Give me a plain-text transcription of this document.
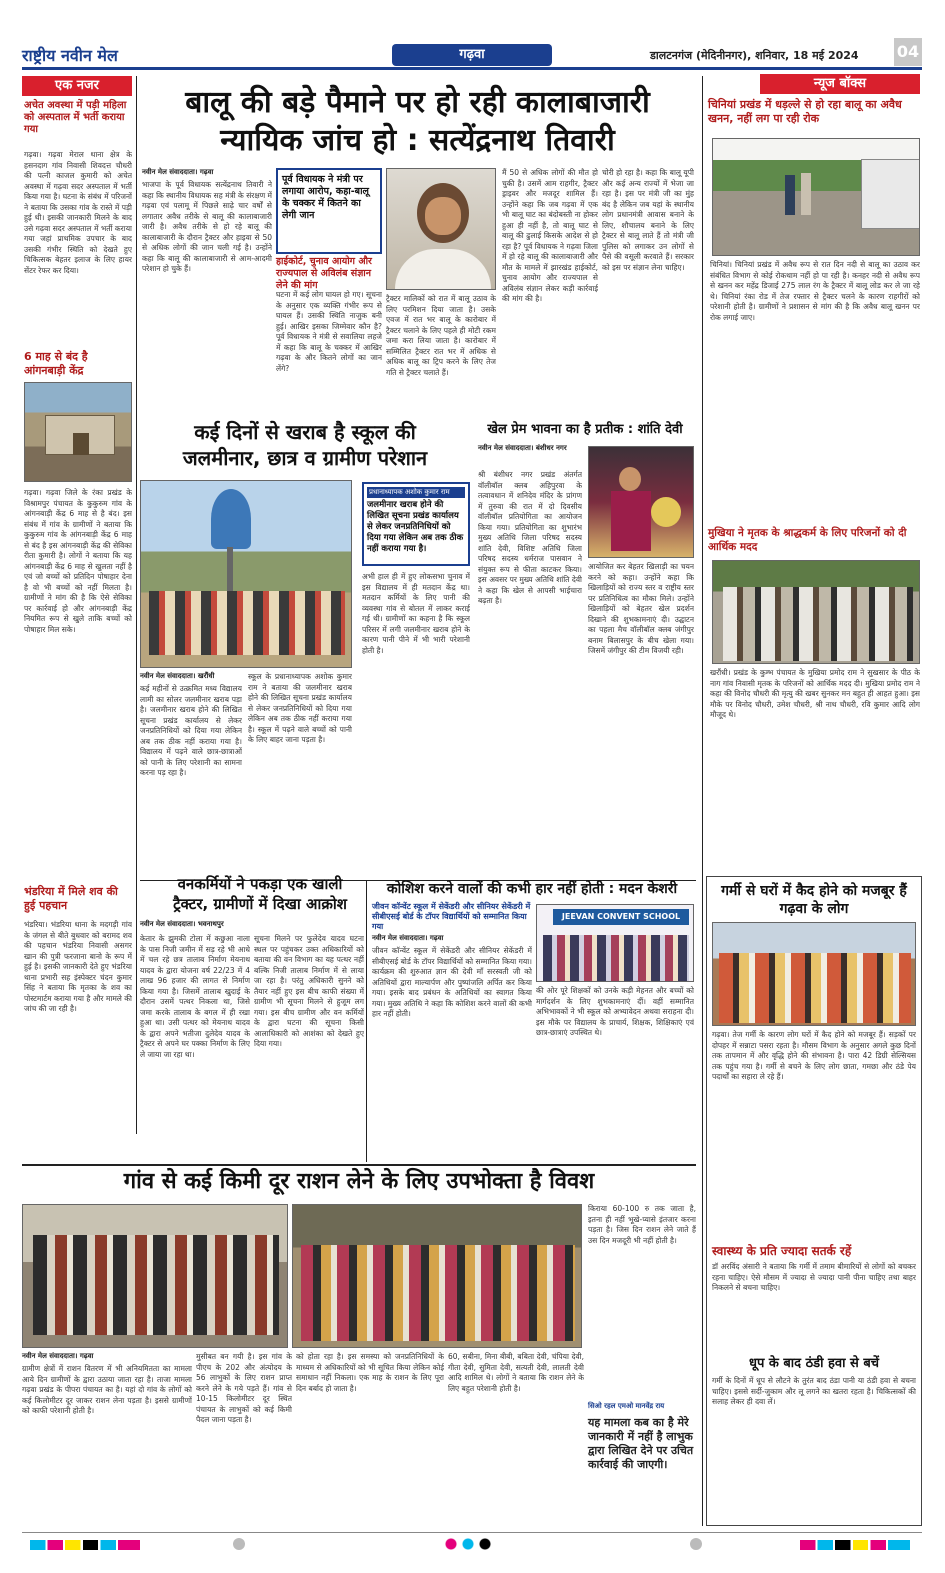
राष्ट्रीय नवीन मेल	गढ़वा	डालटनगंज (मेदिनीनगर), शनिवार, 18 मई 2024 04
एक नजर
अचेत अवस्था में पड़ी महिला को अस्पताल में भर्ती कराया गया
गढ़वा। गढ़वा मेराल थाना क्षेत्र के हसनदाग गांव निवासी शिवदत्त चौधरी की पत्नी काजल कुमारी को अचेत अवस्था में गढ़वा सदर अस्पताल में भर्ती किया गया है। घटना के संबंध में परिजनों ने बताया कि उसका गांव के रास्ते में पड़ी हुई थी। इसकी जानकारी मिलने के बाद उसे गढ़वा सदर अस्पताल में भर्ती कराया गया जहां प्राथमिक उपचार के बाद उसकी गंभीर स्थिति को देखते हुए चिकित्सक बेहतर इलाज के लिए हायर सेंटर रेफर कर दिया।
6 माह से बंद है आंगनबाड़ी केंद्र
गढ़वा। गढ़वा जिले के रंका प्रखंड के विश्रामपुर पंचायत के कुकुरुम गांव के आंगनबाड़ी केंद्र 6 माह से है बंद। इस संबंध में गांव के ग्रामीणों ने बताया कि कुकुरुम गांव के आंगनबाड़ी केंद्र 6 माह से बंद है इस आंगनबाड़ी केंद्र की सेविका रीता कुमारी है। लोगों ने बताया कि यह आंगनबाड़ी केंद्र 6 माह से खुलता नहीं है एवं जो बच्चों को प्रतिदिन पोषाहार देना है वो भी बच्चों को नहीं मिलता है। ग्रामीणों ने मांग की है कि ऐसे सेविका पर कार्रवाई हो और आंगनबाड़ी केंद्र नियमित रूप से खुले ताकि बच्चों को पोषाहार मिल सके।
भंडरिया में मिले शव की हुई पहचान
भंडरिया। भंडरिया थाना के मदगड़ी गांव के जंगल से बीते बुधवार को बरामद शव की पहचान भंडरिया निवासी असगर खान की पुत्री फरजाना बानो के रूप में हुई है। इसकी जानकारी देते हुए भंडरिया थाना प्रभारी सह इंस्पेक्टर चंदन कुमार सिंह ने बताया कि मृतका के शव का पोस्टमार्टम कराया गया है और मामले की जांच की जा रही है।
बालू की बड़े पैमाने पर हो रही कालाबाजारी
न्यायिक जांच हो : सत्येंद्रनाथ तिवारी
नवीन मेल संवाददाता। गढ़वा
भाजपा के पूर्व विधायक सत्येंद्रनाथ तिवारी ने कहा कि स्थानीय विधायक सह मंत्री के संरक्षण में गढ़वा एवं पलामू में पिछले साढ़े चार वर्षों से लगातार अवैध तरीके से बालू की कालाबाजारी जारी है। अवैध तरीके से हो रहे बालू की कालाबाजारी के दौरान ट्रैक्टर और हाइवा से 50 से अधिक लोगों की जान चली गई है। उन्होंने कहा कि बालू की कालाबाजारी से आम-आदमी परेशान हो चुके हैं।
पूर्व विधायक ने मंत्री पर लगाया आरोप, कहा-बालू के चक्कर में कितने का लेगी जान
हाईकोर्ट, चुनाव आयोग और राज्यपाल से अविलंब संज्ञान लेने की मांग
घटना में कई लोग घायल हो गए। सूचना के अनुसार एक व्यक्ति गंभीर रूप से घायल हैं। उसकी स्थिति नाजुक बनी हुई। आखिर इसका जिम्मेवार कौन है? पूर्व विधायक ने मंत्री से सवालिया लहजे में कहा कि बालू के चक्कर में आखिर गढ़वा के और कितने लोगों का जान लेंगे?
ट्रैक्टर मालिकों को रात में बालू उठाव के लिए परमिशन दिया जाता है। उसके एवज में रात भर बालू के कारोबार में ट्रैक्टर चलाने के लिए पहले ही मोटी रकम जमा करा लिया जाता है। कारोबार में सम्मिलित ट्रैक्टर रात भर में अधिक से अधिक बालू का ट्रिप करने के लिए तेज गति से ट्रैक्टर चलाते हैं।
मैं 50 से अधिक लोगों की मौत हो चुकी है। उसमें आम राहगीर, ट्रैक्टर ड्राइवर और मजदूर शामिल हैं। उन्होंने कहा कि जब गढ़वा में एक भी बालू घाट का बंदोबस्ती ना होकर हुआ ही नहीं है, तो बालू घाट से बालू की ढुलाई किसके आदेश से हो रहा है? पूर्व विधायक ने गढ़वा जिला में हो रहे बालू की कालाबाजारी और मौत के मामले में झारखंड हाईकोर्ट, चुनाव आयोग और राज्यपाल से अविलंब संज्ञान लेकर कड़ी कार्रवाई की मांग की है।
चोरी हो रहा है। कहा कि बालू यूपी और कई अन्य राज्यों में भेजा जा रहा है। इस पर मंत्री जी का मुंह बंद है लेकिन जब यहां के स्थानीय लोग प्रधानमंत्री आवास बनाने के लिए, शौचालय बनाने के लिए ट्रैक्टर से बालू लाते हैं तो मंत्री जी पुलिस को लगाकर उन लोगों से पैसे की वसूली करवाते हैं। सरकार को इस पर संज्ञान लेना चाहिए।
कई दिनों से खराब है स्कूल की
जलमीनार, छात्र व ग्रामीण परेशान
नवीन मेल संवाददाता। खरौंधी
कई महीनों से उत्क्रमित मध्य विद्यालय लामी का सोलर जलमीनार खराब पड़ा है। जलमीनार खराब होने की लिखित सूचना प्रखंड कार्यालय से लेकर जनप्रतिनिधियों को दिया गया लेकिन अब तक ठीक नहीं कराया गया है। विद्यालय में पढ़ने वाले छात्र-छात्राओं को पानी के लिए परेशानी का सामना करना पड़ रहा है।
प्रधानाध्यापक अशोक कुमार राम
जलमीनार खराब होने की लिखित सूचना प्रखंड कार्यालय से लेकर जनप्रतिनिधियों को दिया गया लेकिन अब तक ठीक नहीं कराया गया है।
स्कूल के प्रधानाध्यापक अशोक कुमार राम ने बताया की जलमीनार खराब होने की लिखित सूचना प्रखंड कार्यालय से लेकर जनप्रतिनिधियों को दिया गया लेकिन अब तक ठीक नहीं कराया गया है। स्कूल में पढ़ने वाले बच्चों को पानी के लिए बाहर जाना पड़ता है।
अभी हाल ही में हुए लोकसभा चुनाव में इस विद्यालय में ही मतदान केंद्र था। मतदान कर्मियों के लिए पानी की व्यवस्था गांव से बोतल में लाकर कराई गई थी। ग्रामीणों का कहना है कि स्कूल परिसर में लगी जलमीनार खराब होने के कारण पानी पीने में भी भारी परेशानी होती है।
खेल प्रेम भावना का है प्रतीक : शांति देवी
नवीन मेल संवाददाता। बंशीधर नगर
श्री बंशीधर नगर प्रखंड अंतर्गत वॉलीबॉल क्लब अहिपुरवा के तत्वावधान में शनिदेव मंदिर के प्रांगण में तुरुवा की रात में दो दिवसीय वॉलीबॉल प्रतियोगिता का आयोजन किया गया। प्रतियोगिता का शुभारंभ मुख्य अतिथि जिला परिषद सदस्य शांति देवी, विशिष्ट अतिथि जिला परिषद सदस्य धर्मराज पासवान ने संयुक्त रूप से फीता काटकर किया। इस अवसर पर मुख्य अतिथि शांति देवी ने कहा कि खेल से आपसी भाईचारा बढ़ता है।
आयोजित कर बेहतर खिलाड़ी का चयन करने को कहा। उन्होंने कहा कि खिलाड़ियों को राज्य स्तर व राष्ट्रीय स्तर पर प्रतिनिधित्व का मौका मिले। उन्होंने खिलाड़ियों को बेहतर खेल प्रदर्शन दिखाने की शुभकामनाएं दी। उद्घाटन का पहला मैच वॉलीबॉल क्लब जंगीपुर बनाम बिलासपुर के बीच खेला गया। जिसमें जंगीपुर की टीम विजयी रही।
वनकर्मियों ने पकड़ा एक खाली
ट्रैक्टर, ग्रामीणों में दिखा आक्रोश
नवीन मेल संवाददाता। भवनाथपुर
केतार के झुमकी टोला में कछुआ नाला के पास निजी जमीन में सड़ रहे भी आधे में चल रहे छत्र तालाब निर्माण मेयनाथ यादव के द्वारा योजना वर्ष 22/23 में 4 लाख 96 हजार की लागत से निर्माण किया गया है। जिसमें तालाब खुदाई के दौरान उसमें पत्थर निकला था, जिसे जमा करके तालाब के बगल में ही रखा हुआ था। उसी पत्थर को मेयनाथ यादव के द्वारा अपने भतीजा दुलेदेव यादव के ट्रैक्टर से अपने घर पक्का निर्माण के लिए ले जाया जा रहा था।
सूचना मिलने पर फुलेदेव यादव घटना स्थल पर पहुंचकर उक्त अधिकारियों को बताया की वन विभाग का यह पत्थर नहीं बल्कि निजी तालाब निर्माण में से लाया जा रहा है। परंतु अधिकारी सुनने को तैयार नहीं हुए इस बीच काफी संख्या में ग्रामीण भी सूचना मिलने से हुजूम लग गया। इस बीच ग्रामीण और वन कर्मियों के द्वारा घटना की सूचना किसी आलाधिकारी को आशंका को देखते हुए दिया गया।
कोशिश करने वालों की कभी हार नहीं होती : मदन केशरी
जीवन कॉन्वेंट स्कूल में सेकेंडरी और सीनियर सेकेंडरी में सीबीएसई बोर्ड के टॉपर विद्यार्थियों को सम्मानित किया गया
नवीन मेल संवाददाता। गढ़वा
जीवन कॉन्वेंट स्कूल में सेकेंडरी और सीनियर सेकेंडरी में सीबीएसई बोर्ड के टॉपर विद्यार्थियों को सम्मानित किया गया। कार्यक्रम की शुरुआत ज्ञान की देवी माँ सरस्वती जी को अतिथियों द्वारा माल्यार्पण और पुष्पांजलि अर्पित कर किया गया। इसके बाद प्रबंधन के अतिथियों का स्वागत किया गया। मुख्य अतिथि ने कहा कि कोशिश करने वालों की कभी हार नहीं होती।
JEEVAN CONVENT SCHOOL
की ओर पूरे शिक्षकों को उनके कड़ी मेहनत और बच्चों को मार्गदर्शन के लिए शुभकामनाएं दीं। वहीं सम्मानित अभिभावकों ने भी स्कूल को अभ्यावेदन अथवा सराहना दी। इस मौके पर विद्यालय के प्राचार्य, शिक्षक, शिक्षिकाएं एवं छात्र-छात्राएं उपस्थित थे।
गांव से कई किमी दूर राशन लेने के लिए उपभोक्ता है विवश
किराया 60-100 रु तक जाता है, इतना ही नहीं भूखे-प्यासे इंतजार करना पड़ता है। जिस दिन राशन लेने जाते हैं उस दिन मजदूरी भी नहीं होती है।
नवीन मेल संवाददाता। गढ़वा
ग्रामीण क्षेत्रों में राशन वितरण में भी अनियमितता का मामला आये दिन ग्रामीणों के द्वारा उठाया जाता रहा है। ताजा मामला गढ़वा प्रखंड के पीपरा पंचायत का है। यहां दो गांव के लोगों को कई किलोमीटर दूर जाकर राशन लेना पड़ता है। इससे ग्रामीणों को काफी परेशानी होती है।
मुसीबत बन गयी है। इस गांव के पीएच के 202 और अंत्योदय के 56 लाभुकों के लिए राशन प्राप्त करने लेने के गये पड़ते हैं। गांव से 10-15 किलोमीटर दूर स्थित पंचायत के लाभुकों को कई किमी पैदल जाना पड़ता है।
को होता रहा है। इस समस्या को जनप्रतिनिधियों के माध्यम से अधिकारियों को भी सूचित किया लेकिन कोई समाधान नहीं निकला। एक माह के राशन के लिए पूरा दिन बर्बाद हो जाता है।
60, सबीना, मिना बीबी, बबिता देवी, चंपिया देवी, गीता देवी, सुमिता देवी, सत्यती देवी, लालती देवी आदि शामिल थे। लोगों ने बताया कि राशन लेने के लिए बहुत परेशानी होती है।
सिओ रहल एमओ मानवेंद्र राय
यह मामला कब का है मेरे जानकारी में नहीं है लाभुक द्वारा लिखित देने पर उचित कार्रवाई की जाएगी।
न्यूज बॉक्स
चिनियां प्रखंड में धड़ल्ले से हो रहा बालू का अवैध खनन, नहीं लग पा रही रोक
चिनियां। चिनियां प्रखंड में अवैध रूप से रात दिन नदी से बालू का उठाव कर संबंधित विभाग से कोई रोकथाम नहीं हो पा रही है। कनहर नदी से अवैध रूप से खनन कर महेंद्र डिजाई 275 लाल रंग के ट्रैक्टर में बालू लोड कर ले जा रहे थे। चिनियां रंका रोड में तेज रफ्तार से ट्रैक्टर चलने के कारण राहगीरों को परेशानी होती है। ग्रामीणों ने प्रशासन से मांग की है कि अवैध बालू खनन पर रोक लगाई जाए।
मुखिया ने मृतक के श्राद्धकर्म के लिए परिजनों को दी आर्थिक मदद
खरौंधी। प्रखंड के कुम्भ पंचायत के मुखिया प्रमोद राम ने सुखसार के पीठ के नाग गांव निवासी मृतक के परिजनों को आर्थिक मदद दी। मुखिया प्रमोद राम ने कहा की विनोद चौधरी की मृत्यु की खबर सुनकर मन बहुत ही आहत हुआ। इस मौके पर विनोद चौधरी, उमेश चौधरी, श्री नाथ चौधरी, रवि कुमार आदि लोग मौजूद थे।
गर्मी से घरों में कैद होने को मजबूर हैं गढ़वा के लोग
गढ़वा। तेज गर्मी के कारण लोग घरों में कैद होने को मजबूर हैं। सड़कों पर दोपहर में सन्नाटा पसरा रहता है। मौसम विभाग के अनुसार अगले कुछ दिनों तक तापमान में और वृद्धि होने की संभावना है। पारा 42 डिग्री सेल्सियस तक पहुंच गया है। गर्मी से बचने के लिए लोग छाता, गमछा और ठंडे पेय पदार्थों का सहारा ले रहे हैं।
स्वास्थ्य के प्रति ज्यादा सतर्क रहें
डॉ अरविंद अंसारी ने बताया कि गर्मी में तमाम बीमारियों से लोगों को बचकर रहना चाहिए। ऐसे मौसम में ज्यादा से ज्यादा पानी पीना चाहिए तथा बाहर निकलने से बचना चाहिए।
धूप के बाद ठंडी हवा से बचें
गर्मी के दिनों में धूप से लौटने के तुरंत बाद ठंडा पानी या ठंडी हवा से बचना चाहिए। इससे सर्दी-जुकाम और लू लगने का खतरा रहता है। चिकित्सकों की सलाह लेकर ही दवा लें।
